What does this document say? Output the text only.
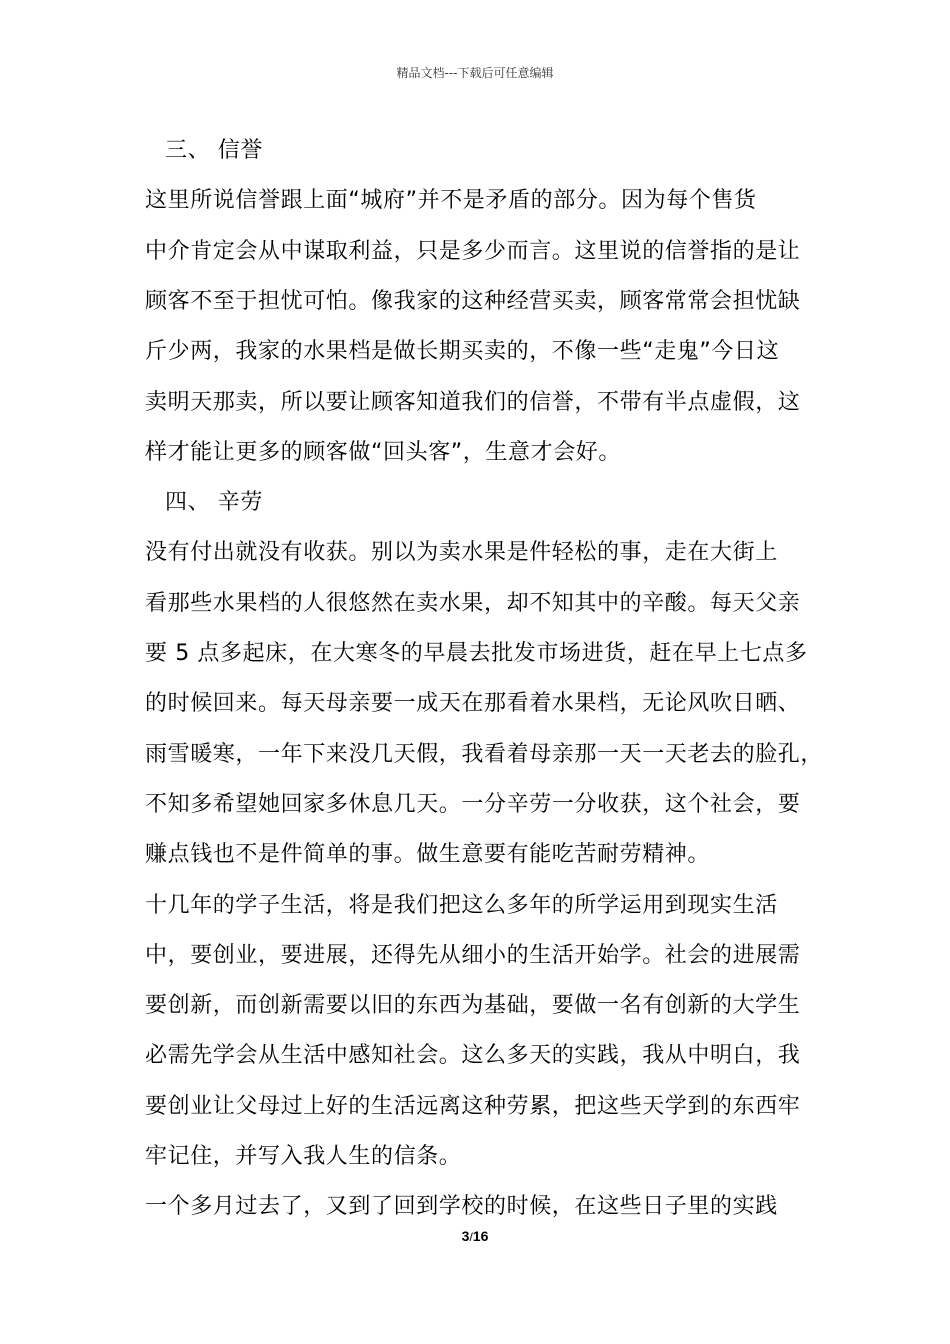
精品文档---下载后可任意编辑
三、 信誉
这里所说信誉跟上面“城府”并不是矛盾的部分。因为每个售货
中介肯定会从中谋取利益，只是多少而言。这里说的信誉指的是让
顾客不至于担忧可怕。像我家的这种经营买卖，顾客常常会担忧缺
斤少两，我家的水果档是做长期买卖的，不像一些“走鬼”今日这
卖明天那卖，所以要让顾客知道我们的信誉，不带有半点虚假，这
样才能让更多的顾客做“回头客”，生意才会好。
四、 辛劳
没有付出就没有收获。别以为卖水果是件轻松的事，走在大街上
看那些水果档的人很悠然在卖水果，却不知其中的辛酸。每天父亲
要 5 点多起床，在大寒冬的早晨去批发市场进货，赶在早上七点多
的时候回来。每天母亲要一成天在那看着水果档，无论风吹日晒、
雨雪暖寒，一年下来没几天假，我看着母亲那一天一天老去的脸孔，
不知多希望她回家多休息几天。一分辛劳一分收获，这个社会，要
赚点钱也不是件简单的事。做生意要有能吃苦耐劳精神。
十几年的学子生活，将是我们把这么多年的所学运用到现实生活
中，要创业，要进展，还得先从细小的生活开始学。社会的进展需
要创新，而创新需要以旧的东西为基础，要做一名有创新的大学生
必需先学会从生活中感知社会。这么多天的实践，我从中明白，我
要创业让父母过上好的生活远离这种劳累，把这些天学到的东西牢
牢记住，并写入我人生的信条。
一个多月过去了，又到了回到学校的时候，在这些日子里的实践
3/16
